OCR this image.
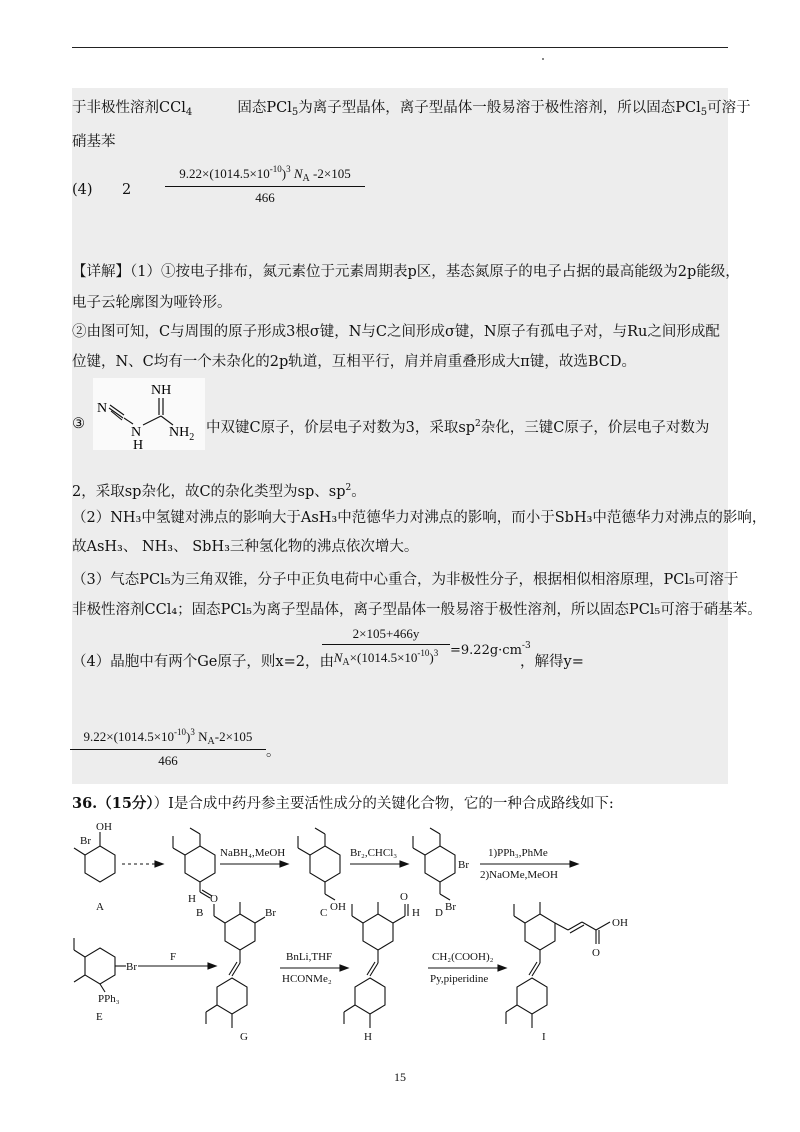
于非极性溶剂CCl$_4$	固态PCl$_5$为离子型晶体，离子型晶体一般易溶于极性溶剂，所以固态PCl$_5$可溶于
硝基苯
(4) 2	$\frac{9.22\times(1014.5\times 10^{-10})^3 N_A -2\times 105}{466}$
【详解】（1）①按电子排布，氮元素位于元素周期表p区，基态氮原子的电子占据的最高能级为2p能级，
电子云轮廓图为哑铃形。
②由图可知，C与周围的原子形成3根σ键，N与C之间形成σ键，N原子有孤电子对，与Ru之间形成配
位键，N、C均有一个未杂化的2p轨道，互相平行，肩并肩重叠形成大π键，故选BCD。
③
NH
N
N
H
$NH_2$
中双键C原子，价层电子对数为3，采取$sp^2$杂化，三键C原子，价层电子对数为
2，采取sp杂化，故C的杂化类型为sp、$sp^2$。
（2）NH₃中氢键对沸点的影响大于AsH₃中范德华力对沸点的影响，而小于SbH₃中范德华力对沸点的影响，
故AsH₃、 NH₃、 SbH₃三种氢化物的沸点依次增大。
（3）气态PCl₅为三角双锥，分子中正负电荷中心重合，为非极性分子，根据相似相溶原理，PCl₅可溶于
非极性溶剂CCl₄；固态PCl₅为离子型晶体，离子型晶体一般易溶于极性溶剂，所以固态PCl₅可溶于硝基苯。
（4）晶胞中有两个Ge原子，则x=2，由
$\frac{2\times 105+466y}{N_A\times(1014.5\times 10^{-10})^3} =9.22g\cdot cm^{-3}$
，解得y=
$\frac{9.22\times(1014.5\times 10^{-10})^3 N_A-2\times 105}{466}$ 。
36.（15分））I是合成中药丹参主要活性成分的关键化合物，它的一种合成路线如下:
Br
OH
A
H O
B
NaBH₄,MeOH
OH
C
Br₂,CHCl₃
Br
Br
D
1)PPh₃,PhMe
2)NaOMe,MeOH
Br
PPh₃
E
F
Br
G
BnLi,THF
HCONMe₂
H
O
H
CH₂(COOH)₂
Py,piperidine
OH
O
I
15
